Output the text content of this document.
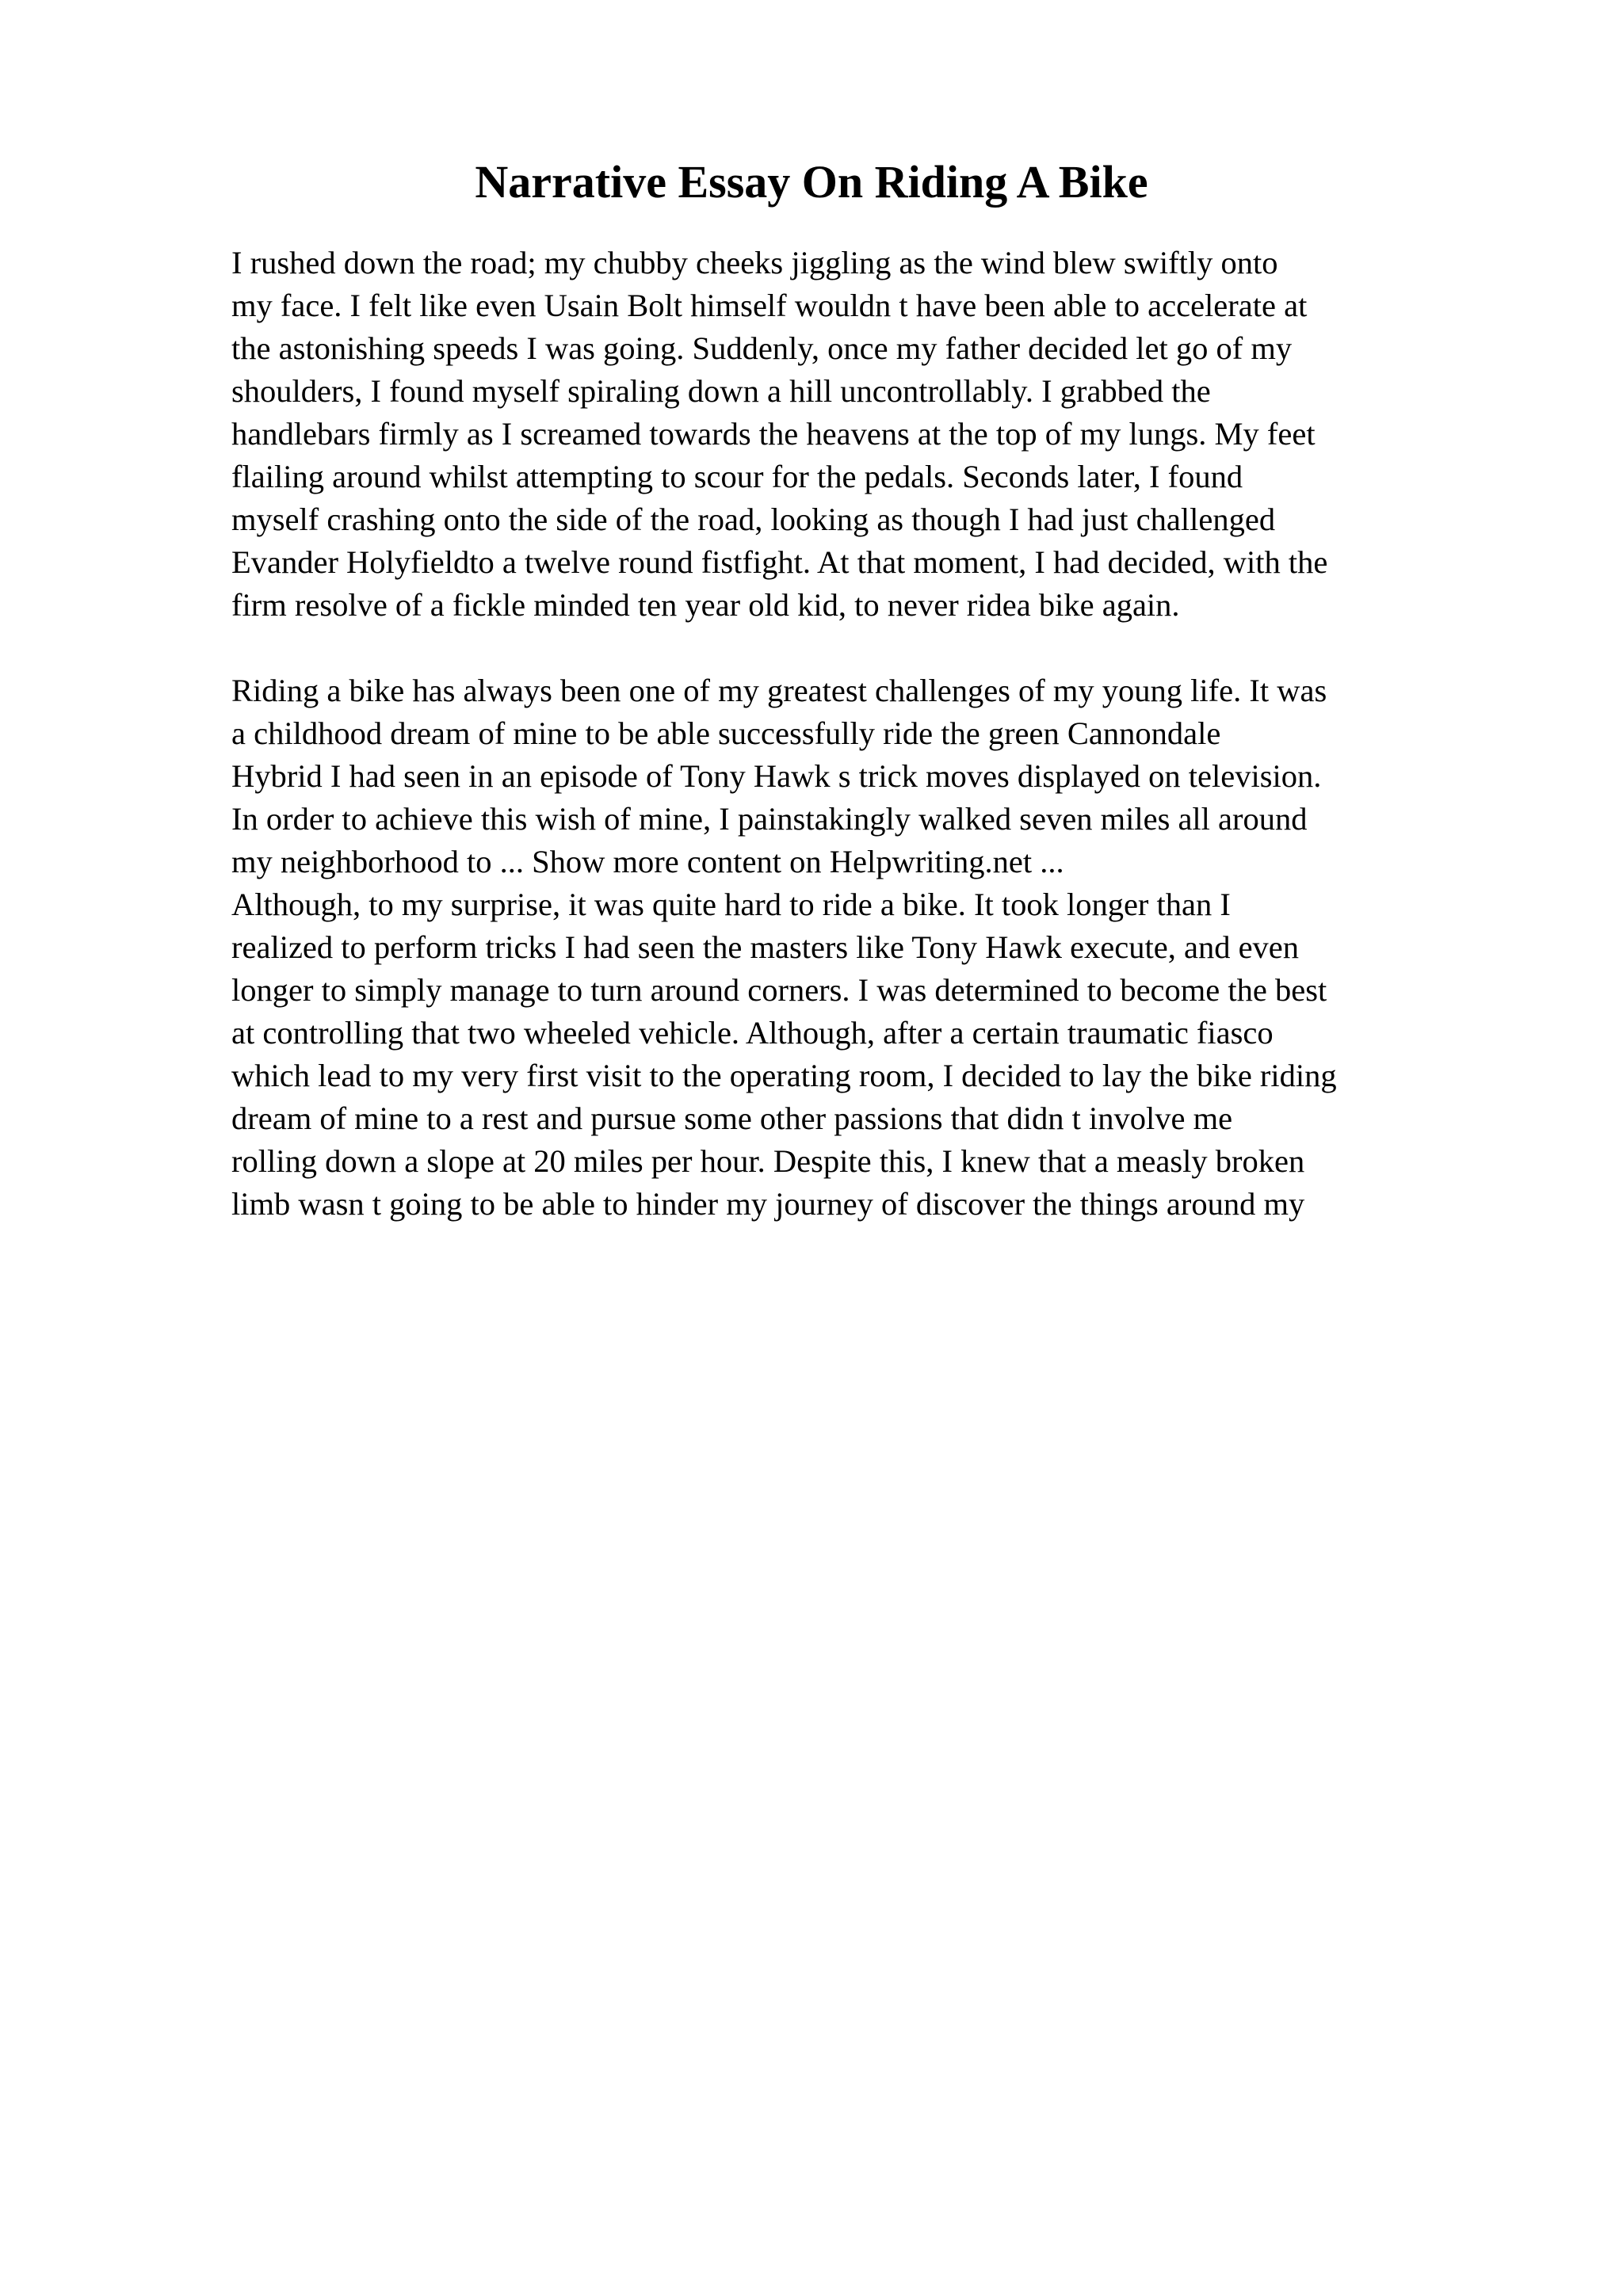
Narrative Essay On Riding A Bike
I rushed down the road; my chubby cheeks jiggling as the wind blew swiftly onto
my face. I felt like even Usain Bolt himself wouldn t have been able to accelerate at
the astonishing speeds I was going. Suddenly, once my father decided let go of my
shoulders, I found myself spiraling down a hill uncontrollably. I grabbed the
handlebars firmly as I screamed towards the heavens at the top of my lungs. My feet
flailing around whilst attempting to scour for the pedals. Seconds later, I found
myself crashing onto the side of the road, looking as though I had just challenged
Evander Holyfieldto a twelve round fistfight. At that moment, I had decided, with the
firm resolve of a fickle minded ten year old kid, to never ridea bike again.
Riding a bike has always been one of my greatest challenges of my young life. It was
a childhood dream of mine to be able successfully ride the green Cannondale
Hybrid I had seen in an episode of Tony Hawk s trick moves displayed on television.
In order to achieve this wish of mine, I painstakingly walked seven miles all around
my neighborhood to ... Show more content on Helpwriting.net ...
Although, to my surprise, it was quite hard to ride a bike. It took longer than I
realized to perform tricks I had seen the masters like Tony Hawk execute, and even
longer to simply manage to turn around corners. I was determined to become the best
at controlling that two wheeled vehicle. Although, after a certain traumatic fiasco
which lead to my very first visit to the operating room, I decided to lay the bike riding
dream of mine to a rest and pursue some other passions that didn t involve me
rolling down a slope at 20 miles per hour. Despite this, I knew that a measly broken
limb wasn t going to be able to hinder my journey of discover the things around my
